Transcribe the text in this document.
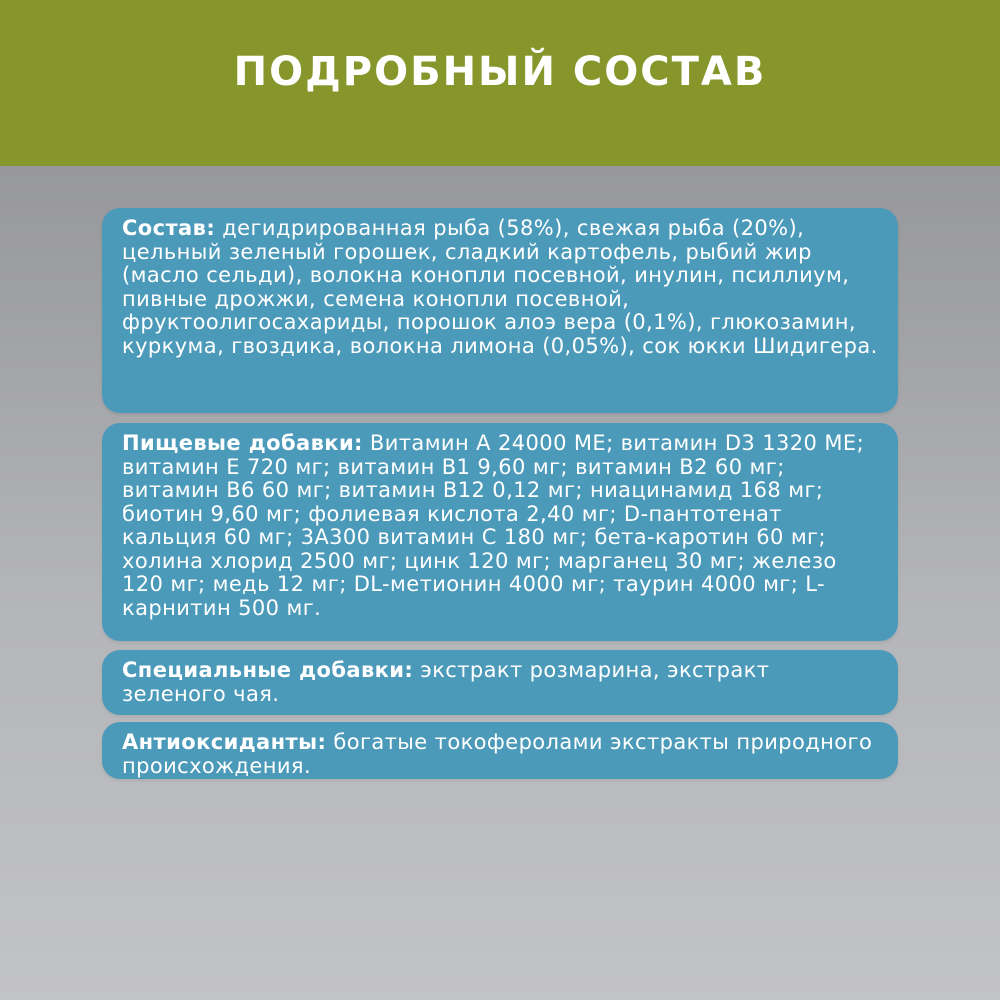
ПОДРОБНЫЙ СОСТАВ
Состав: дегидрированная рыба (58%), свежая рыба (20%), цельный зеленый горошек, сладкий картофель, рыбий жир (масло сельди), волокна конопли посевной, инулин, псиллиум, пивные дрожжи, семена конопли посевной, фруктоолигосахариды, порошок алоэ вера (0,1%), глюкозамин, куркума, гвоздика, волокна лимона (0,05%), сок юкки Шидигера.
Пищевые добавки: Витамин A 24000 МЕ; витамин D3 1320 МЕ; витамин E 720 мг; витамин B1 9,60 мг; витамин B2 60 мг; витамин B6 60 мг; витамин B12 0,12 мг; ниацинамид 168 мг; биотин 9,60 мг; фолиевая кислота 2,40 мг; D-пантотенат кальция 60 мг; 3А300 витамин C 180 мг; бета-каротин 60 мг; холина хлорид 2500 мг; цинк 120 мг; марганец 30 мг; железо 120 мг; медь 12 мг; DL-метионин 4000 мг; таурин 4000 мг; L-карнитин 500 мг.
Специальные добавки: экстракт розмарина, экстракт зеленого чая.
Антиоксиданты: богатые токоферолами экстракты природного происхождения.
